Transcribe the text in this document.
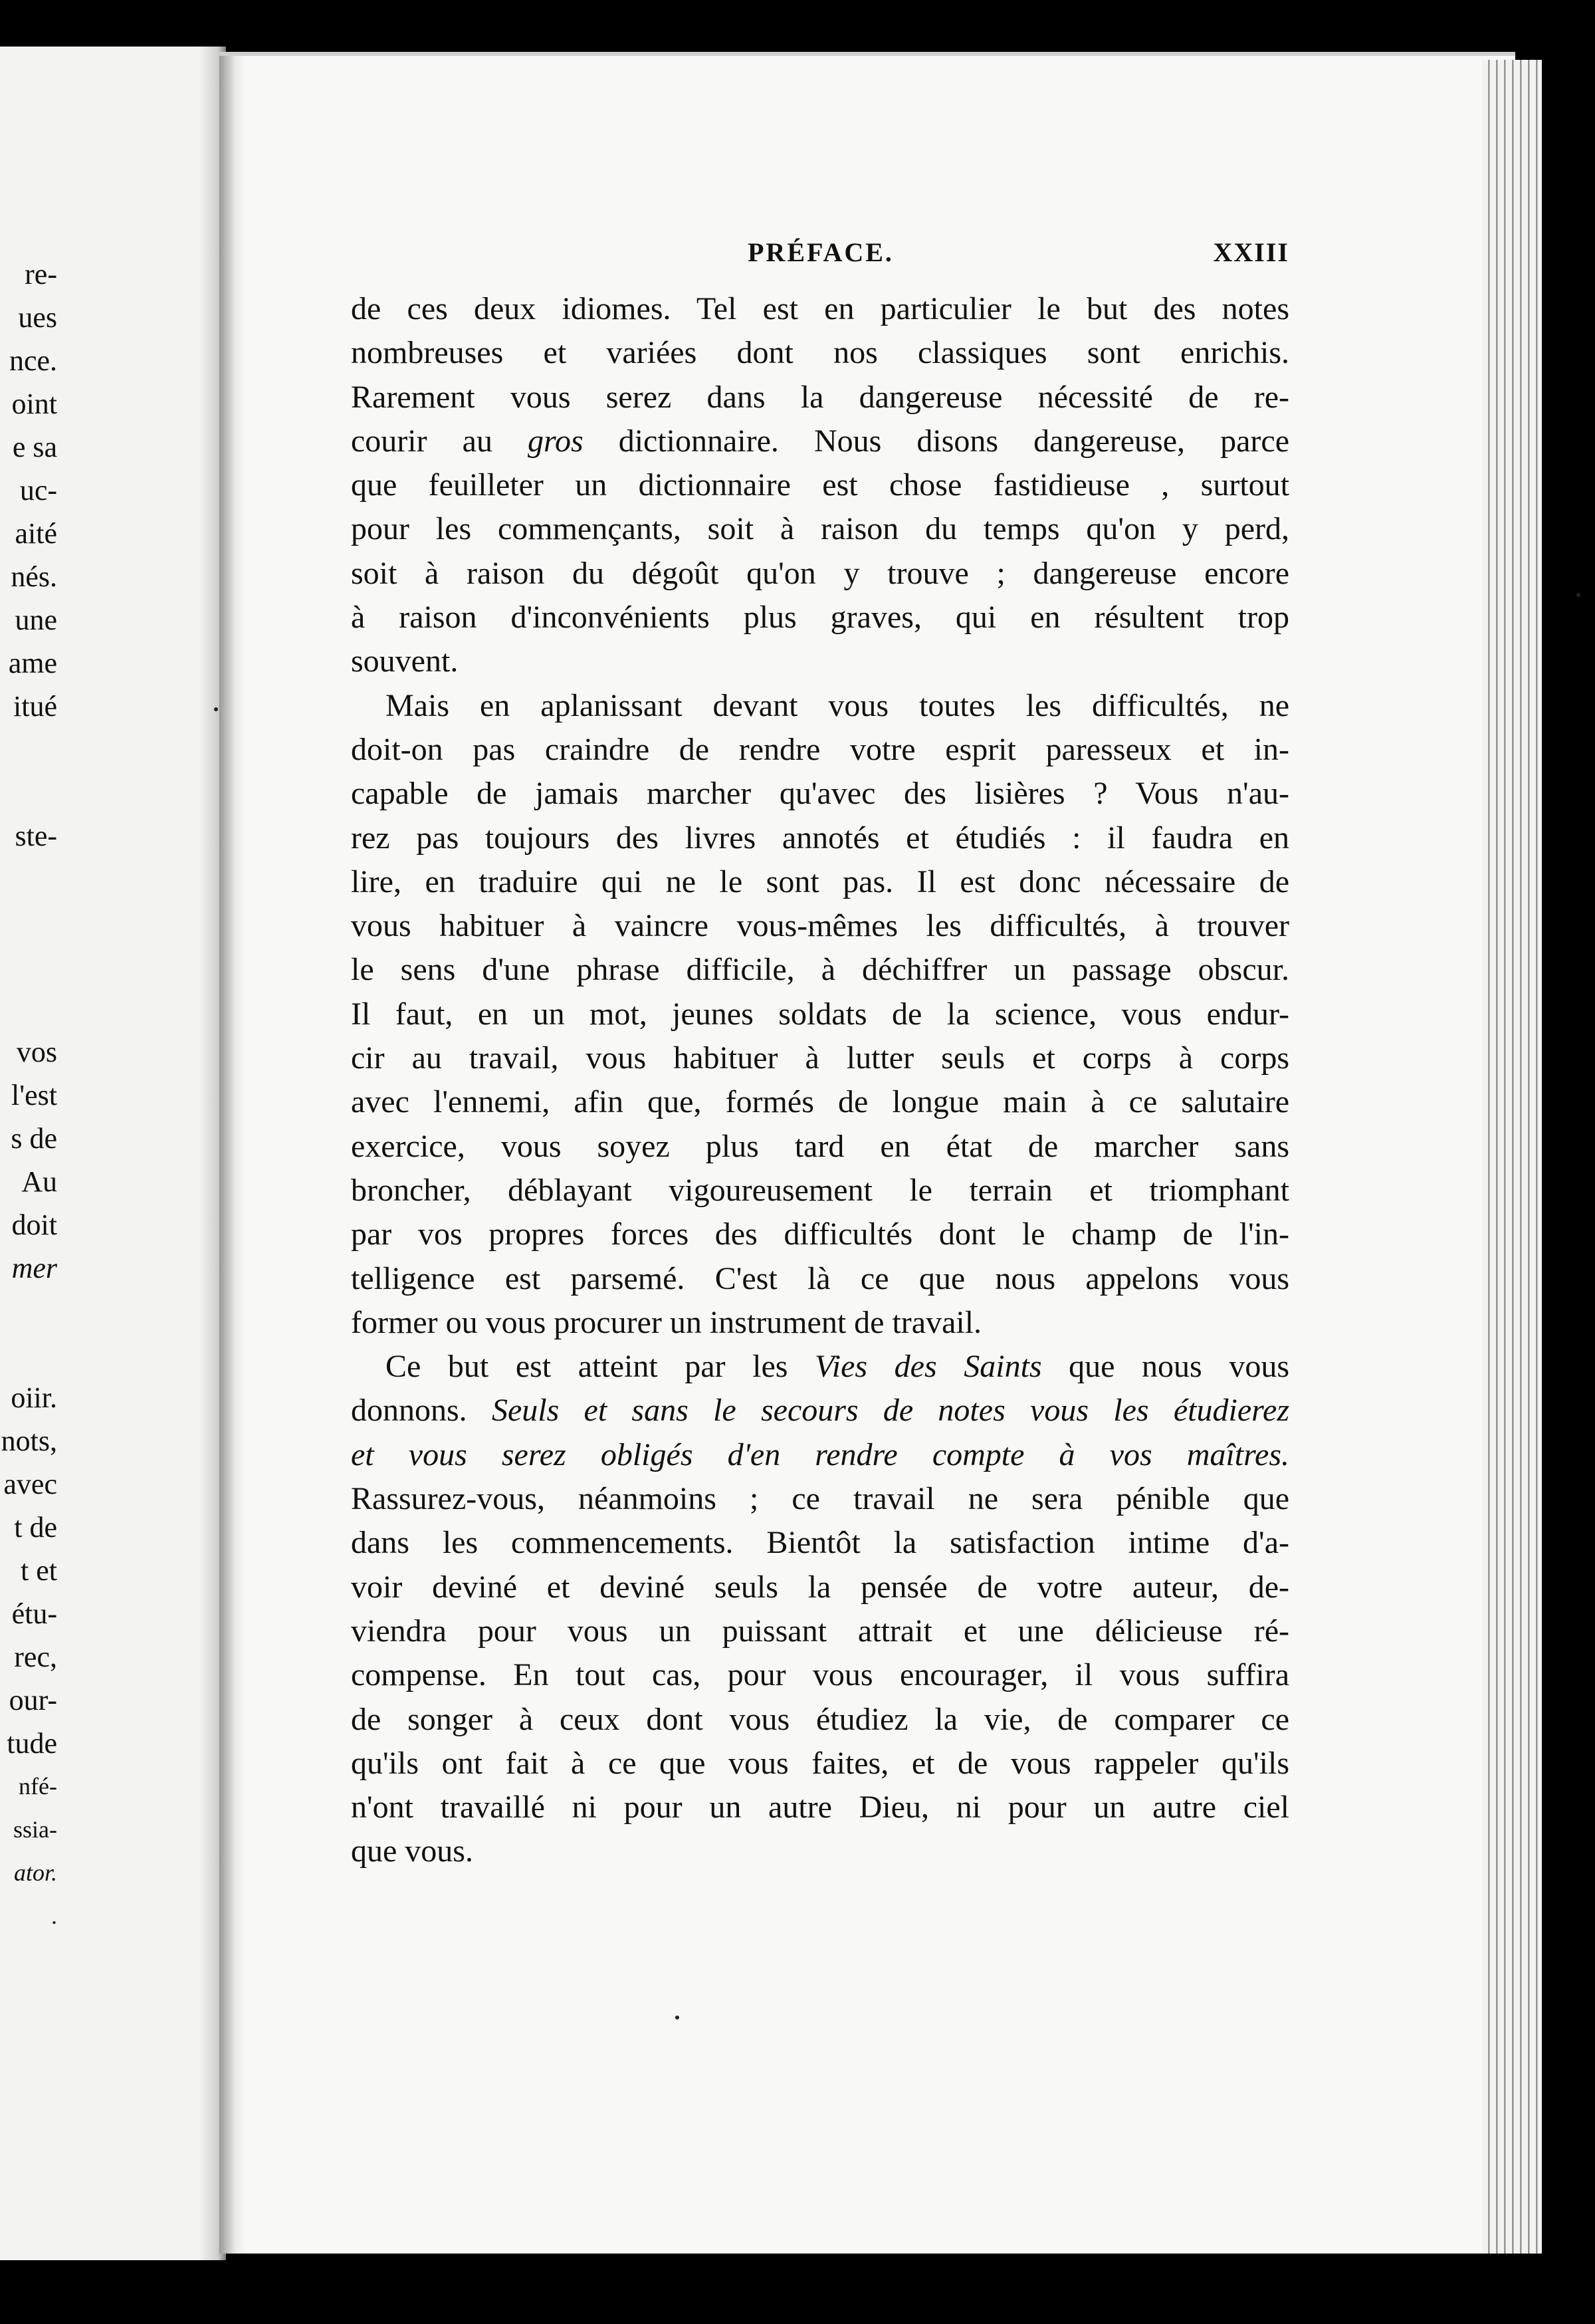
re-
ues
nce.
oint
e sa
uc-
aité
nés.
une
ame
itué
ste-
vos
l'est
s de
Au
doit
mer
oiir.
nots,
avec
t de
t et
étu-
rec,
our-
tude
nfé-
ssia-
ator.
.
PRÉFACE.	XXIII
de ces deux idiomes. Tel est en particulier le but des notes
nombreuses et variées dont nos classiques sont enrichis.
Rarement vous serez dans la dangereuse nécessité de re-
courir au gros dictionnaire. Nous disons dangereuse, parce
que feuilleter un dictionnaire est chose fastidieuse , surtout
pour les commençants, soit à raison du temps qu'on y perd,
soit à raison du dégoût qu'on y trouve ; dangereuse encore
à raison d'inconvénients plus graves, qui en résultent trop
souvent.
Mais en aplanissant devant vous toutes les difficultés, ne
doit-on pas craindre de rendre votre esprit paresseux et in-
capable de jamais marcher qu'avec des lisières ? Vous n'au-
rez pas toujours des livres annotés et étudiés : il faudra en
lire, en traduire qui ne le sont pas. Il est donc nécessaire de
vous habituer à vaincre vous-mêmes les difficultés, à trouver
le sens d'une phrase difficile, à déchiffrer un passage obscur.
Il faut, en un mot, jeunes soldats de la science, vous endur-
cir au travail, vous habituer à lutter seuls et corps à corps
avec l'ennemi, afin que, formés de longue main à ce salutaire
exercice, vous soyez plus tard en état de marcher sans
broncher, déblayant vigoureusement le terrain et triomphant
par vos propres forces des difficultés dont le champ de l'in-
telligence est parsemé. C'est là ce que nous appelons vous
former ou vous procurer un instrument de travail.
Ce but est atteint par les Vies des Saints que nous vous
donnons. Seuls et sans le secours de notes vous les étudierez
et vous serez obligés d'en rendre compte à vos maîtres.
Rassurez-vous, néanmoins ; ce travail ne sera pénible que
dans les commencements. Bientôt la satisfaction intime d'a-
voir deviné et deviné seuls la pensée de votre auteur, de-
viendra pour vous un puissant attrait et une délicieuse ré-
compense. En tout cas, pour vous encourager, il vous suffira
de songer à ceux dont vous étudiez la vie, de comparer ce
qu'ils ont fait à ce que vous faites, et de vous rappeler qu'ils
n'ont travaillé ni pour un autre Dieu, ni pour un autre ciel
que vous.
